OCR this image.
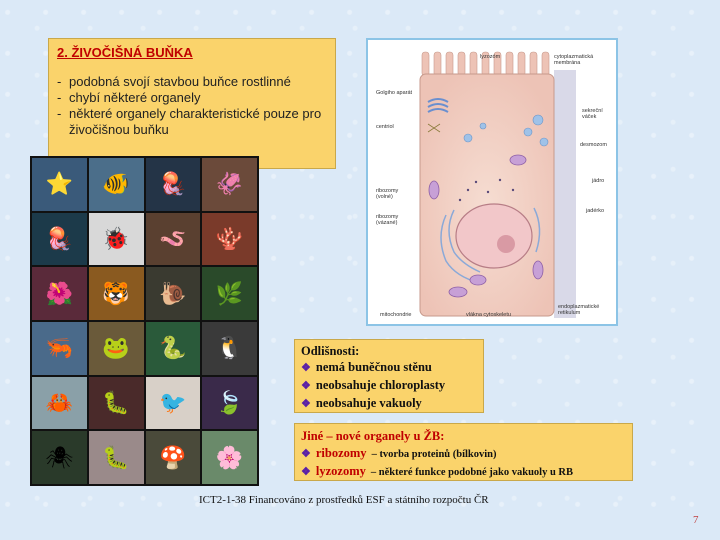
2. ŽIVOČIŠNÁ BUŇKA
- podobná svojí stavbou buňce rostlinné
- chybí některé organely
- některé organely charakteristické pouze pro živočišnou buňku
⭐ 🐠 🪼 🦑
🪼 🐞 🪱 🪸
🌺 🐯 🐌 🌿
🦐 🐸 🐍 🐧
🦀 🐛 🐦 🍃
🕷 🐛 🍄 🌸
lyzozóm	cytoplazmatická membrána
Golgiho aparát
centriol
sekreční váček
desmozom
jádro
ribozomy (volné)
jadérko
ribozomy (vázané)
mitochondrie	vlákna cytoskeletu
endoplazmatické retikulum
Odlišnosti:
❖ nemá buněčnou stěnu
❖ neobsahuje chloroplasty
❖ neobsahuje vakuoly
Jiné – nové organely u ŽB:
❖ ribozomy – tvorba proteinů (bílkovin)
❖ lyzozomy – některé funkce podobné jako vakuoly u RB
ICT2-1-38 Financováno z prostředků ESF a státního rozpočtu ČR
7
